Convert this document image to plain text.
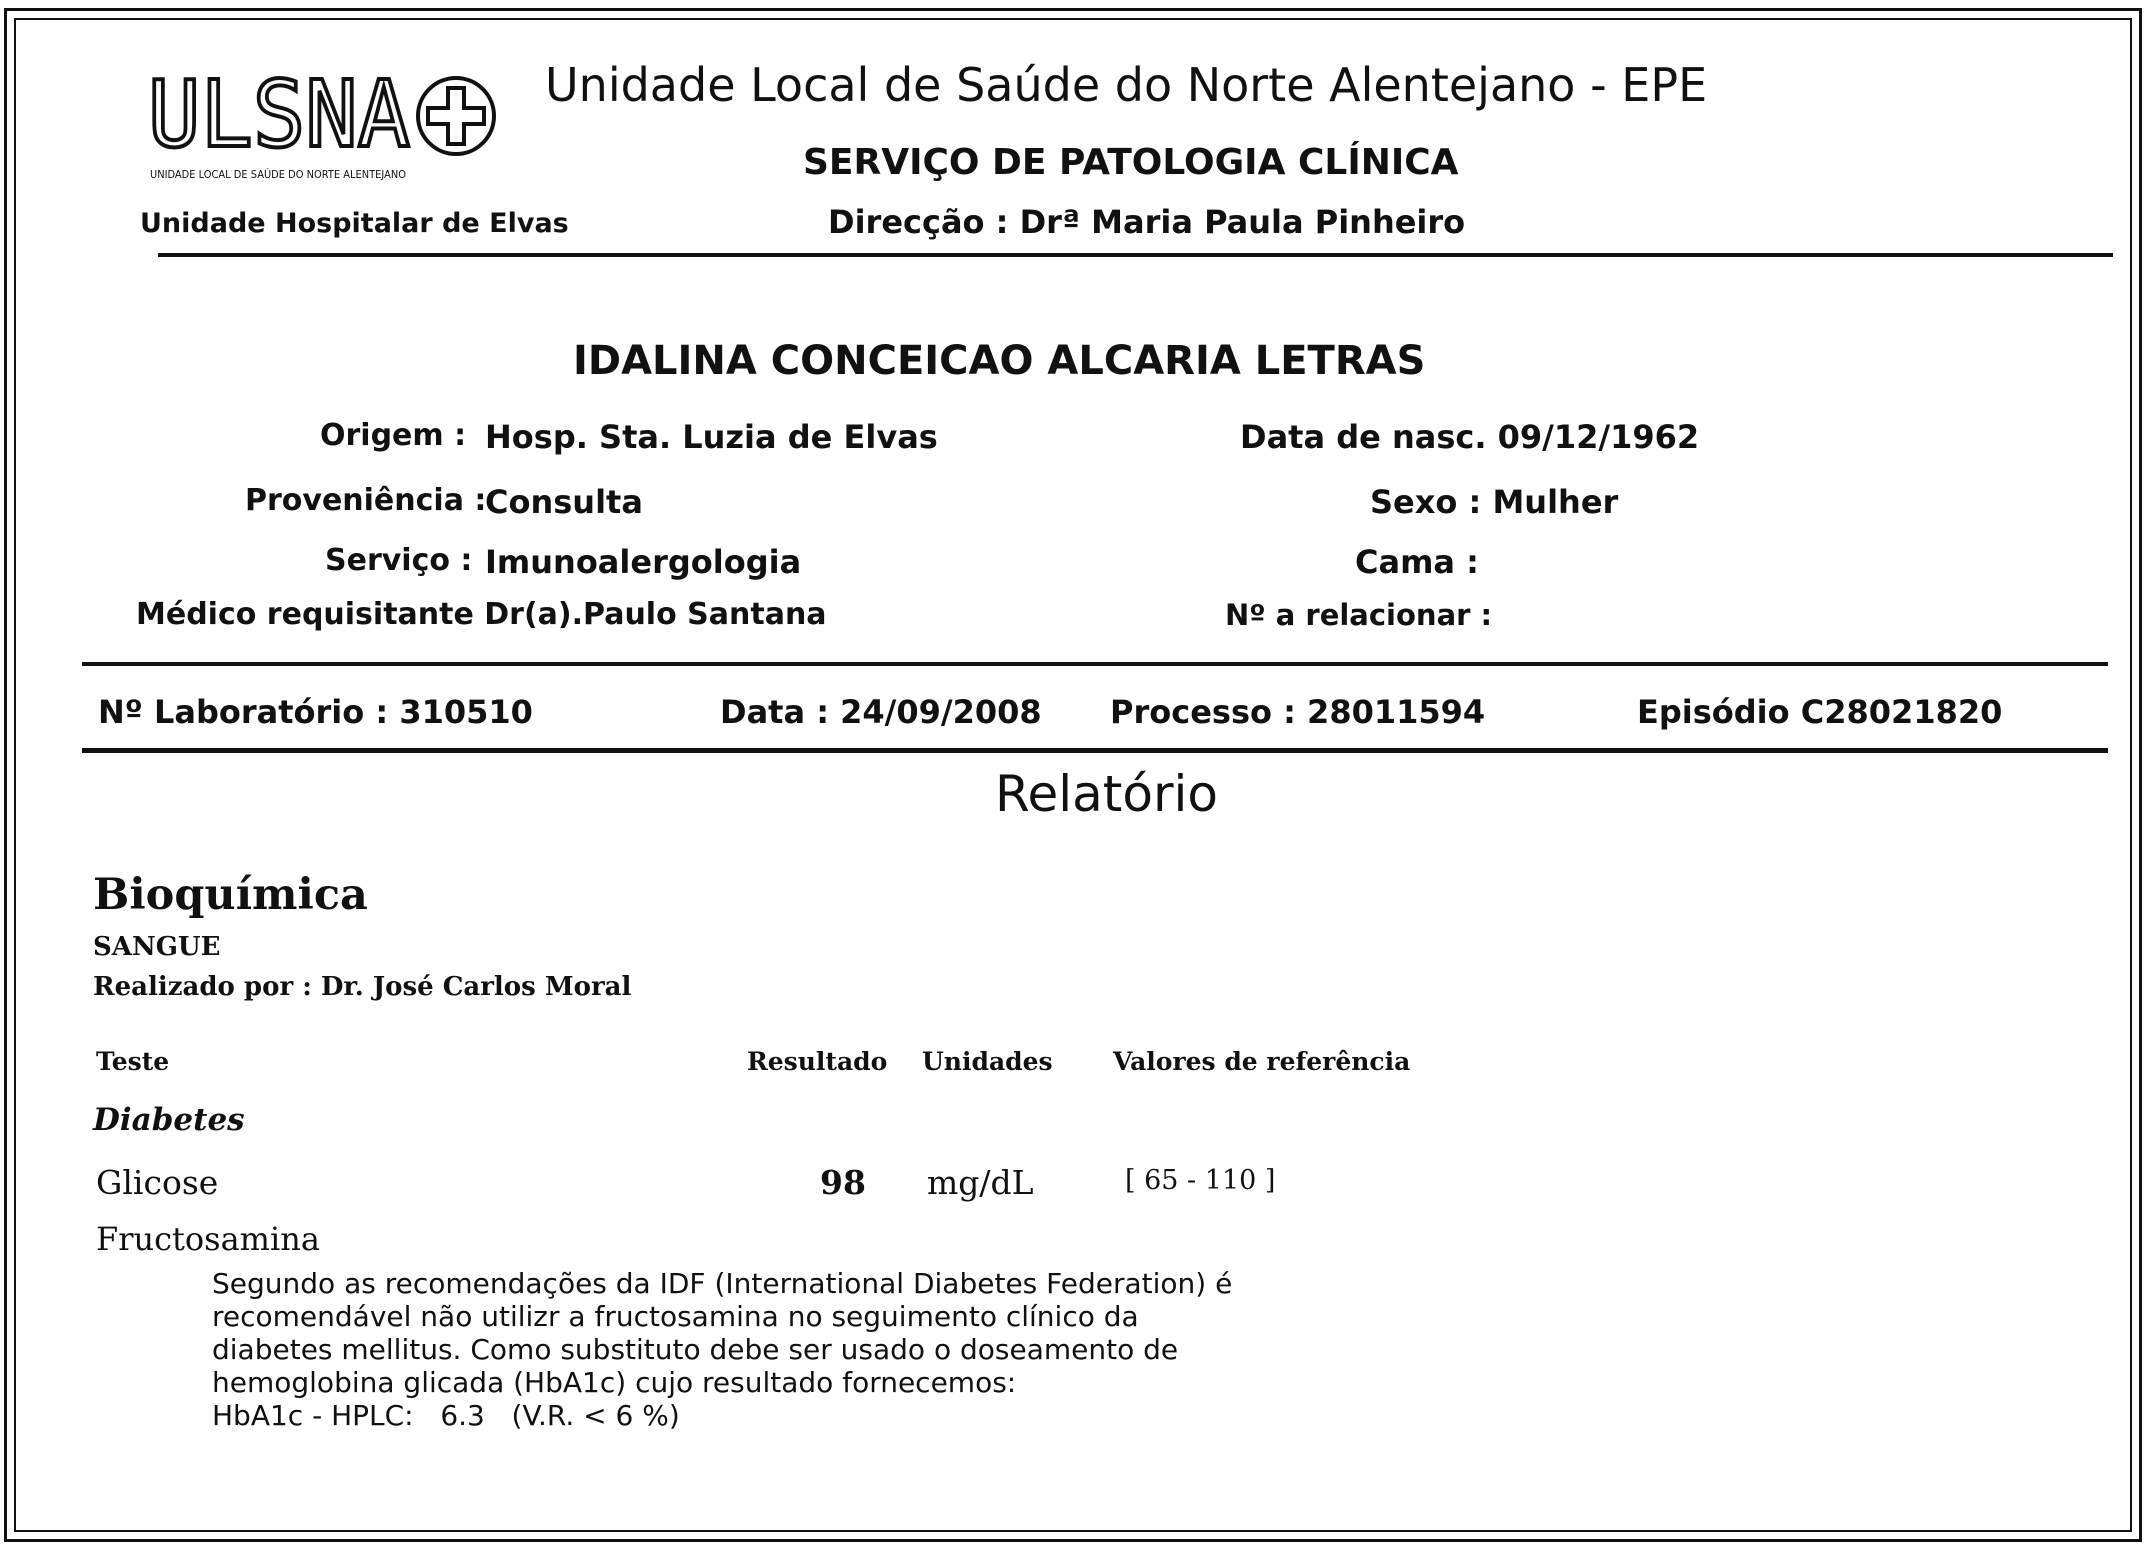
ULSNA
UNIDADE LOCAL DE SAÚDE DO NORTE ALENTEJANO
Unidade Hospitalar de Elvas
Unidade Local de Saúde do Norte Alentejano - EPE
SERVIÇO DE PATOLOGIA CLÍNICA
Direcção : Drª Maria Paula Pinheiro
IDALINA CONCEICAO ALCARIA LETRAS
Origem : Hosp. Sta. Luzia de Elvas	Data de nasc. 09/12/1962
Proveniência :
Consulta	Sexo : Mulher
Serviço : Imunoalergologia	Cama :
Médico requisitante Dr(a).Paulo Santana	Nº a relacionar :
Nº Laboratório : 310510	Data : 24/09/2008 Processo : 28011594	Episódio C28021820
Relatório
Bioquímica
SANGUE
Realizado por : Dr. José Carlos Moral
Teste	Resultado Unidades Valores de referência
Diabetes
Glicose	98 mg/dL	[ 65 - 110 ]
Fructosamina
Segundo as recomendações da IDF (International Diabetes Federation) é
recomendável não utilizr a fructosamina no seguimento clínico da
diabetes mellitus. Como substituto debe ser usado o doseamento de
hemoglobina glicada (HbA1c) cujo resultado fornecemos:
HbA1c - HPLC:   6.3   (V.R. < 6 %)
